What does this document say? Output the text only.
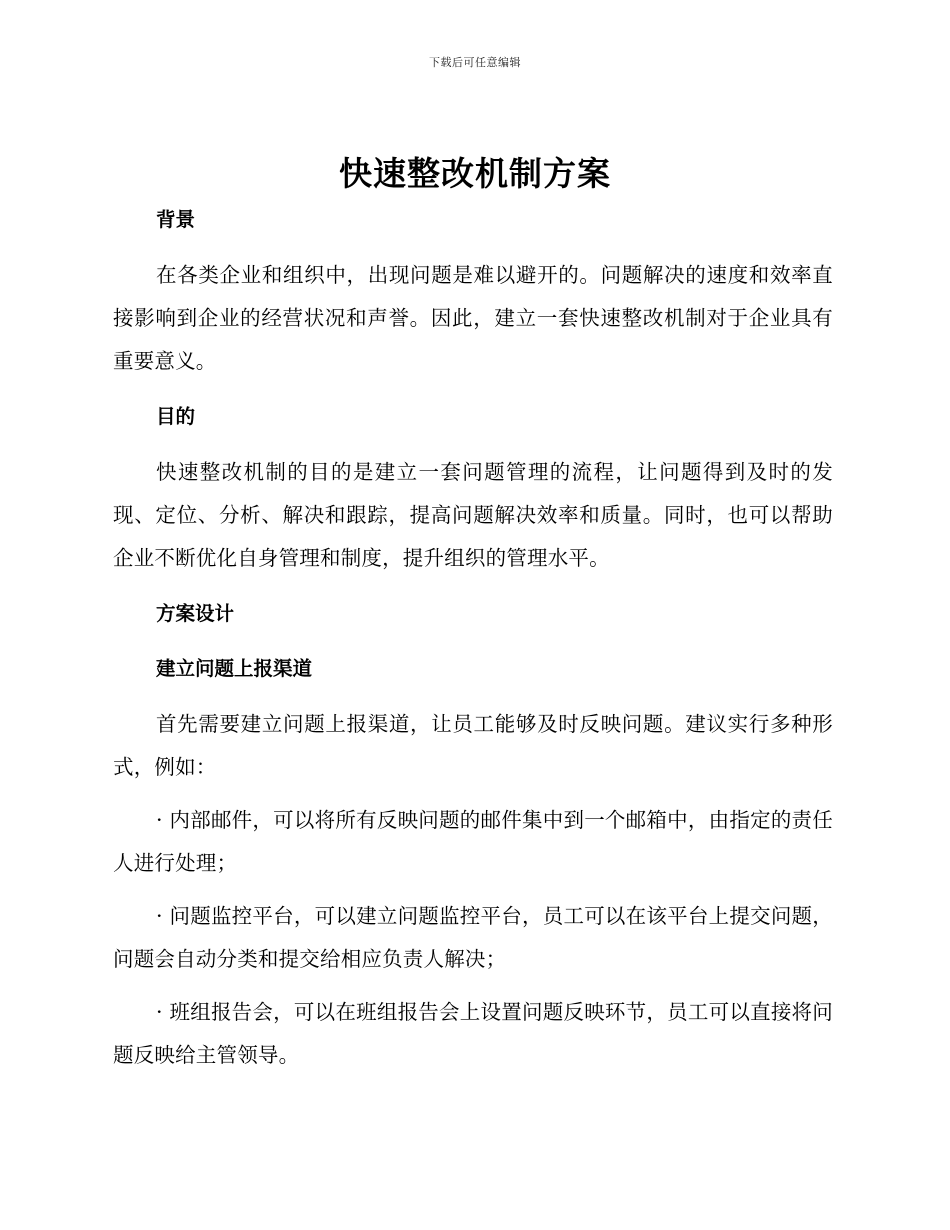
下载后可任意编辑
快速整改机制方案
背景

在各类企业和组织中，出现问题是难以避开的。问题解决的速度和效率直接影响到企业的经营状况和声誉。因此，建立一套快速整改机制对于企业具有重要意义。

目的

快速整改机制的目的是建立一套问题管理的流程，让问题得到及时的发现、定位、分析、解决和跟踪，提高问题解决效率和质量。同时，也可以帮助企业不断优化自身管理和制度，提升组织的管理水平。

方案设计
建立问题上报渠道

首先需要建立问题上报渠道，让员工能够及时反映问题。建议实行多种形式，例如：

· 内部邮件，可以将所有反映问题的邮件集中到一个邮箱中，由指定的责任人进行处理；

· 问题监控平台，可以建立问题监控平台，员工可以在该平台上提交问题，问题会自动分类和提交给相应负责人解决；

· 班组报告会，可以在班组报告会上设置问题反映环节，员工可以直接将问题反映给主管领导。
